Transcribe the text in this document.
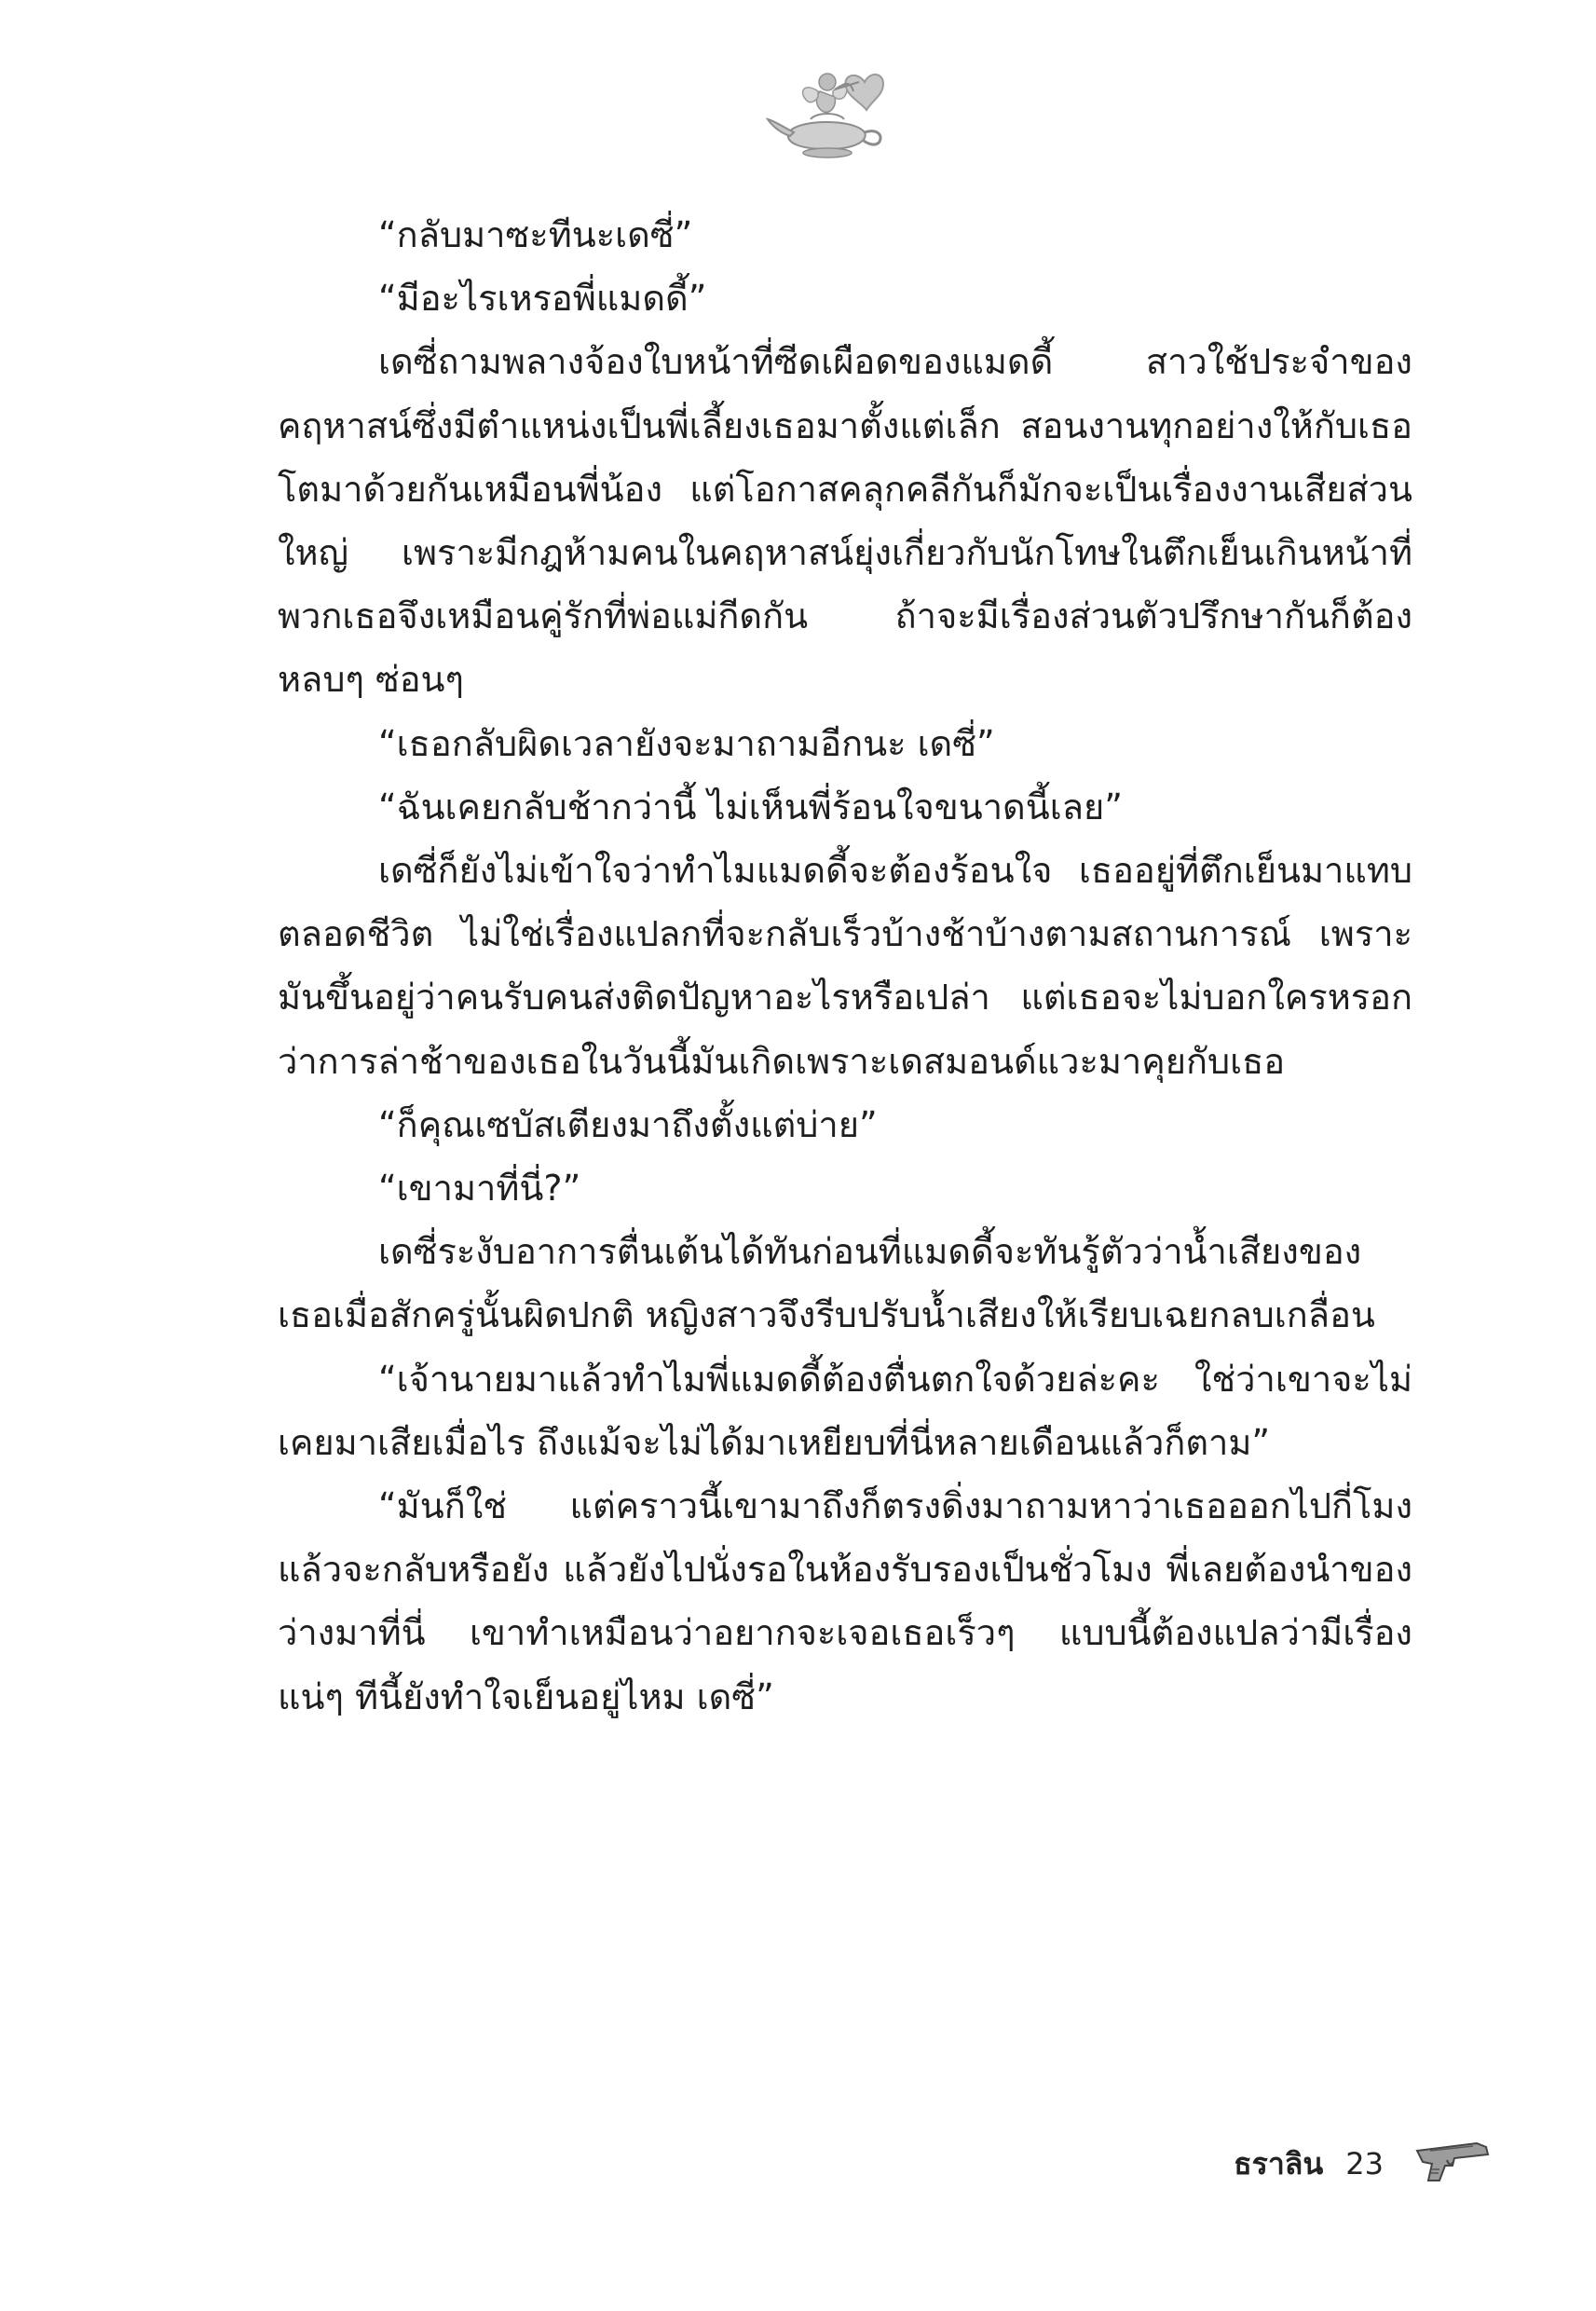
“กลับมาซะทีนะเดซี่”

“มีอะไรเหรอพี่แมดดี้”

เดซี่ถามพลางจ้องใบหน้าที่ซีดเผือดของแมดดี้ สาวใช้ประจำของคฤหาสน์ซึ่งมีตำแหน่งเป็นพี่เลี้ยงเธอมาตั้งแต่เล็ก สอนงานทุกอย่างให้กับเธอ โตมาด้วยกันเหมือนพี่น้อง แต่โอกาสคลุกคลีกันก็มักจะเป็นเรื่องงานเสียส่วนใหญ่ เพราะมีกฎห้ามคนในคฤหาสน์ยุ่งเกี่ยวกับนักโทษในตึกเย็นเกินหน้าที่ พวกเธอจึงเหมือนคู่รักที่พ่อแม่กีดกัน ถ้าจะมีเรื่องส่วนตัวปรึกษากันก็ต้องหลบๆ ซ่อนๆ

“เธอกลับผิดเวลายังจะมาถามอีกนะ เดซี่”

“ฉันเคยกลับช้ากว่านี้ ไม่เห็นพี่ร้อนใจขนาดนี้เลย”

เดซี่ก็ยังไม่เข้าใจว่าทำไมแมดดี้จะต้องร้อนใจ เธออยู่ที่ตึกเย็นมาแทบตลอดชีวิต ไม่ใช่เรื่องแปลกที่จะกลับเร็วบ้างช้าบ้างตามสถานการณ์ เพราะมันขึ้นอยู่ว่าคนรับคนส่งติดปัญหาอะไรหรือเปล่า แต่เธอจะไม่บอกใครหรอกว่าการล่าช้าของเธอในวันนี้มันเกิดเพราะเดสมอนด์แวะมาคุยกับเธอ

“ก็คุณเซบัสเตียงมาถึงตั้งแต่บ่าย”

“เขามาที่นี่?”

เดซี่ระงับอาการตื่นเต้นได้ทันก่อนที่แมดดี้จะทันรู้ตัวว่าน้ำเสียงของเธอเมื่อสักครู่นั้นผิดปกติ หญิงสาวจึงรีบปรับน้ำเสียงให้เรียบเฉยกลบเกลื่อน

“เจ้านายมาแล้วทำไมพี่แมดดี้ต้องตื่นตกใจด้วยล่ะคะ ใช่ว่าเขาจะไม่เคยมาเสียเมื่อไร ถึงแม้จะไม่ได้มาเหยียบที่นี่หลายเดือนแล้วก็ตาม”

“มันก็ใช่ แต่คราวนี้เขามาถึงก็ตรงดิ่งมาถามหาว่าเธอออกไปกี่โมงแล้วจะกลับหรือยัง แล้วยังไปนั่งรอในห้องรับรองเป็นชั่วโมง พี่เลยต้องนำของว่างมาที่นี่ เขาทำเหมือนว่าอยากจะเจอเธอเร็วๆ แบบนี้ต้องแปลว่ามีเรื่องแน่ๆ ทีนี้ยังทำใจเย็นอยู่ไหม เดซี่”

ธราลิน 23
